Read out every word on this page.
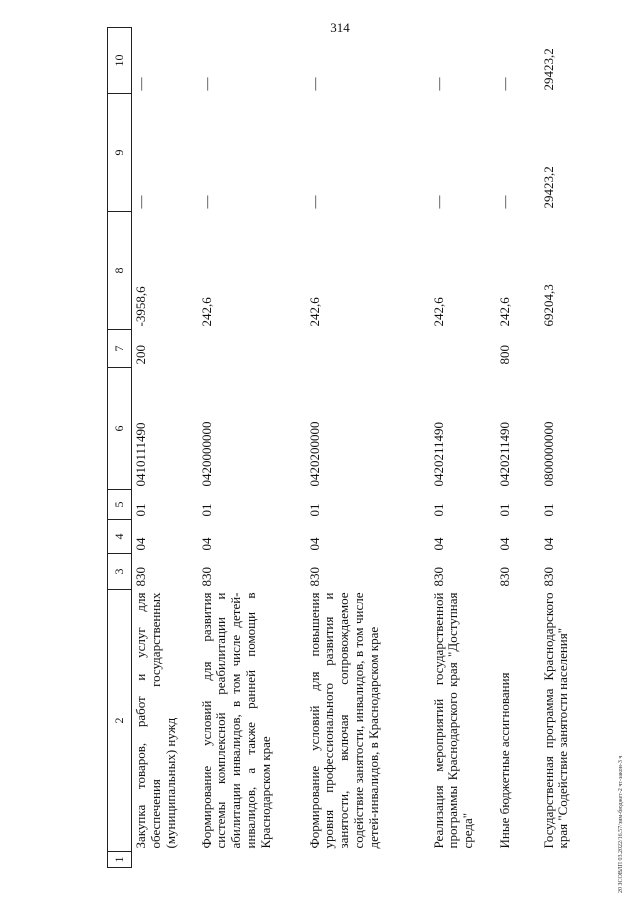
314
20 ЗСОВЛП 03.2022/16.57/зим-бюджет-2 чт-закон-3 ч
1	2	3	4	5	6	7	8	9	10
	Закупка товаров, работ и услуг для обеспечения государственных (муниципальных) нужд	830	04	01	0410111490	200	-3958,6	—	—
	Формирование условий для развития системы комплексной реабилитации и абилитации инвалидов, в том числе детей-инвалидов, а также ранней помощи в Краснодарском крае	830	04	01	0420000000		242,6	—	—
	Формирование условий для повышения уровня профессионального развития и занятости, включая сопровождаемое содействие занятости, инвалидов, в том числе детей-инвалидов, в Краснодарском крае	830	04	01	0420200000		242,6	—	—
	Реализация мероприятий государственной программы Краснодарского края "Доступная среда"	830	04	01	0420211490		242,6	—	—
	Иные бюджетные ассигнования	830	04	01	0420211490	800	242,6	—	—
	Государственная программа Краснодарского края "Содействие занятости населения"	830	04	01	0800000000		69204,3	29423,2	29423,2
